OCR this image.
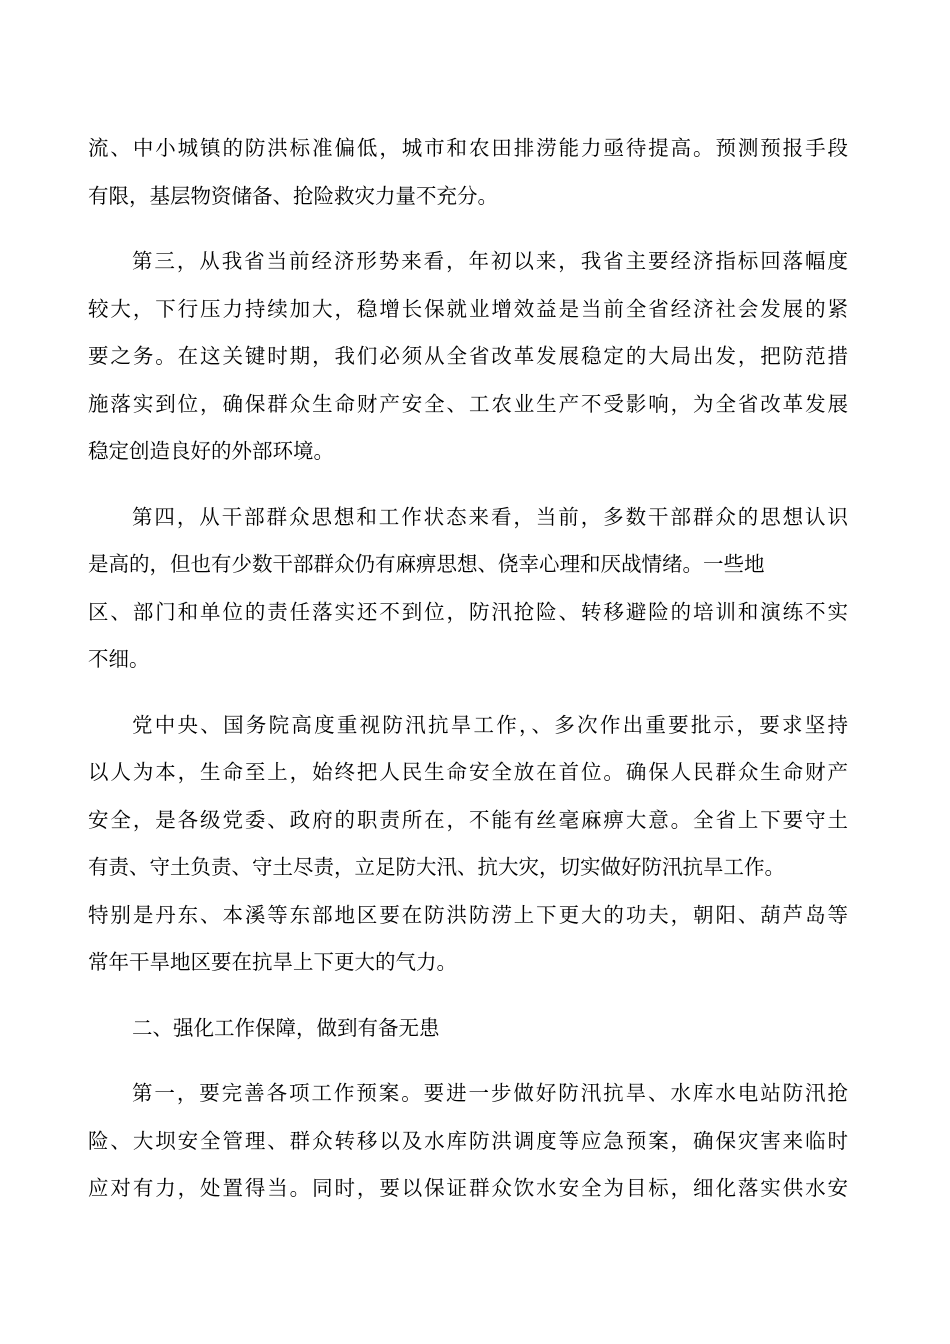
流、中小城镇的防洪标准偏低，城市和农田排涝能力亟待提高。预测预报手段
有限，基层物资储备、抢险救灾力量不充分。
第三，从我省当前经济形势来看，年初以来，我省主要经济指标回落幅度
较大，下行压力持续加大，稳增长保就业增效益是当前全省经济社会发展的紧
要之务。在这关键时期，我们必须从全省改革发展稳定的大局出发，把防范措
施落实到位，确保群众生命财产安全、工农业生产不受影响，为全省改革发展
稳定创造良好的外部环境。
第四，从干部群众思想和工作状态来看，当前，多数干部群众的思想认识
是高的，但也有少数干部群众仍有麻痹思想、侥幸心理和厌战情绪。一些地
区、部门和单位的责任落实还不到位，防汛抢险、转移避险的培训和演练不实
不细。
党中央、国务院高度重视防汛抗旱工作，、多次作出重要批示，要求坚持
以人为本，生命至上，始终把人民生命安全放在首位。确保人民群众生命财产
安全，是各级党委、政府的职责所在，不能有丝毫麻痹大意。全省上下要守土
有责、守土负责、守土尽责，立足防大汛、抗大灾，切实做好防汛抗旱工作。
特别是丹东、本溪等东部地区要在防洪防涝上下更大的功夫，朝阳、葫芦岛等
常年干旱地区要在抗旱上下更大的气力。
二、强化工作保障，做到有备无患
第一，要完善各项工作预案。要进一步做好防汛抗旱、水库水电站防汛抢
险、大坝安全管理、群众转移以及水库防洪调度等应急预案，确保灾害来临时
应对有力，处置得当。同时，要以保证群众饮水安全为目标，细化落实供水安
